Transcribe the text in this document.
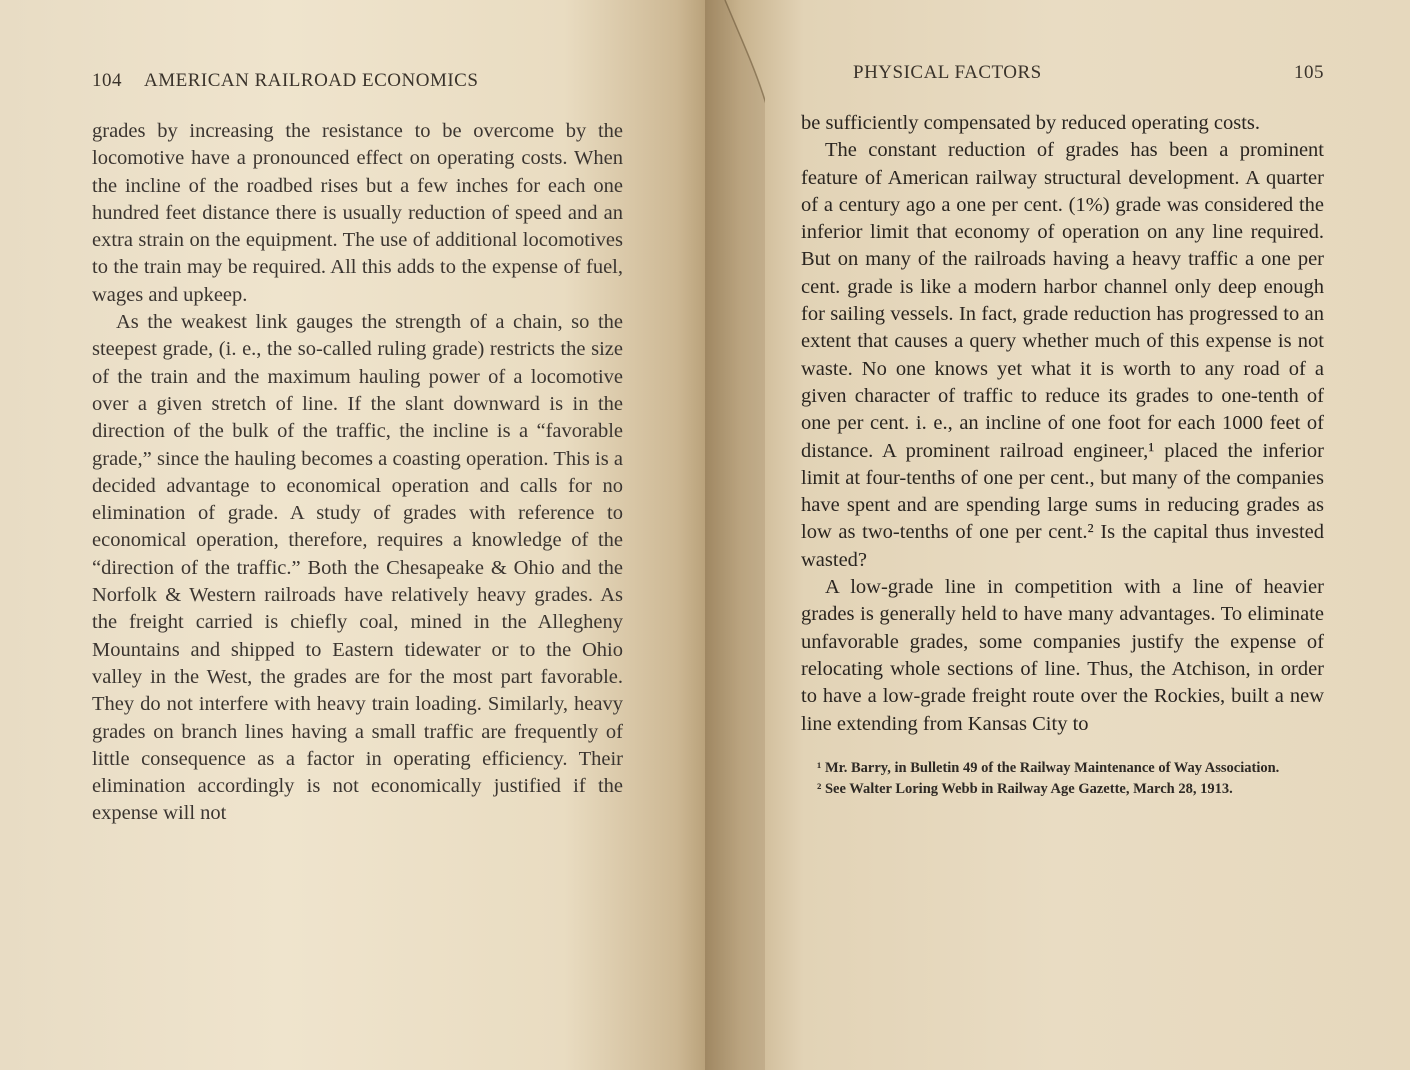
104 AMERICAN RAILROAD ECONOMICS

grades by increasing the resistance to be overcome by the locomotive have a pronounced effect on operating costs. When the incline of the roadbed rises but a few inches for each one hundred feet distance there is usually reduction of speed and an extra strain on the equipment. The use of additional locomotives to the train may be required. All this adds to the expense of fuel, wages and upkeep.

As the weakest link gauges the strength of a chain, so the steepest grade, (i. e., the so-called ruling grade) restricts the size of the train and the maximum hauling power of a locomotive over a given stretch of line. If the slant downward is in the direction of the bulk of the traffic, the incline is a “favorable grade,” since the hauling becomes a coasting operation. This is a decided advantage to economical operation and calls for no elimination of grade. A study of grades with reference to economical operation, therefore, requires a knowledge of the “direction of the traffic.” Both the Chesapeake & Ohio and the Norfolk & Western railroads have relatively heavy grades. As the freight carried is chiefly coal, mined in the Allegheny Mountains and shipped to Eastern tidewater or to the Ohio valley in the West, the grades are for the most part favorable. They do not interfere with heavy train loading. Similarly, heavy grades on branch lines having a small traffic are frequently of little consequence as a factor in operating efficiency. Their elimination accordingly is not economically justified if the expense will not

PHYSICAL FACTORS	105

be sufficiently compensated by reduced operating costs.

The constant reduction of grades has been a prominent feature of American railway structural development. A quarter of a century ago a one per cent. (1%) grade was considered the inferior limit that economy of operation on any line required. But on many of the railroads having a heavy traffic a one per cent. grade is like a modern harbor channel only deep enough for sailing vessels. In fact, grade reduction has progressed to an extent that causes a query whether much of this expense is not waste. No one knows yet what it is worth to any road of a given character of traffic to reduce its grades to one-tenth of one per cent. i. e., an incline of one foot for each 1000 feet of distance. A prominent railroad engineer,¹ placed the inferior limit at four-tenths of one per cent., but many of the companies have spent and are spending large sums in reducing grades as low as two-tenths of one per cent.² Is the capital thus invested wasted?

A low-grade line in competition with a line of heavier grades is generally held to have many advantages. To eliminate unfavorable grades, some companies justify the expense of relocating whole sections of line. Thus, the Atchison, in order to have a low-grade freight route over the Rockies, built a new line extending from Kansas City to

¹ Mr. Barry, in Bulletin 49 of the Railway Maintenance of Way Association.

² See Walter Loring Webb in Railway Age Gazette, March 28, 1913.
